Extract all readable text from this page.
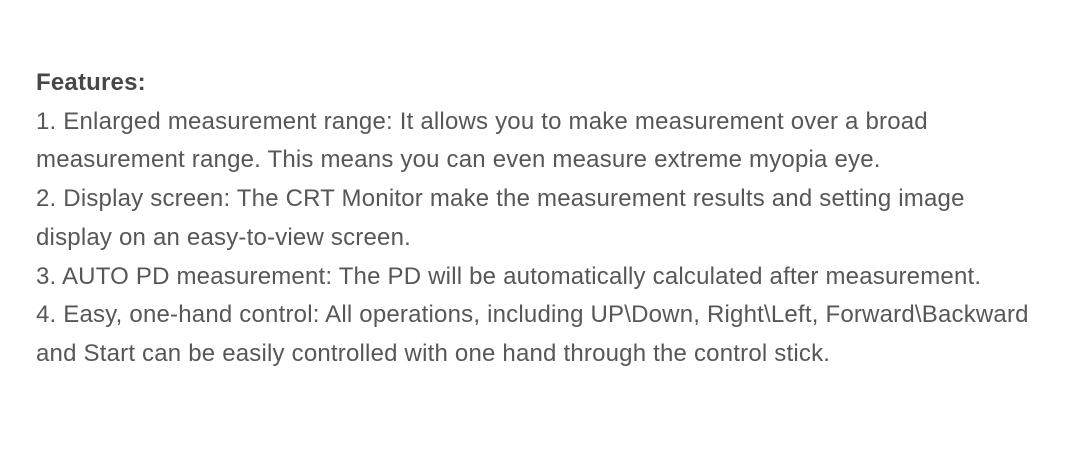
Features:
1. Enlarged measurement range: It allows you to make measurement over a broad
measurement range. This means you can even measure extreme myopia eye.
2. Display screen: The CRT Monitor make the measurement results and setting image
display on an easy-to-view screen.
3. AUTO PD measurement: The PD will be automatically calculated after measurement.
4. Easy, one-hand control: All operations, including UP\Down, Right\Left, Forward\Backward
and Start can be easily controlled with one hand through the control stick.
